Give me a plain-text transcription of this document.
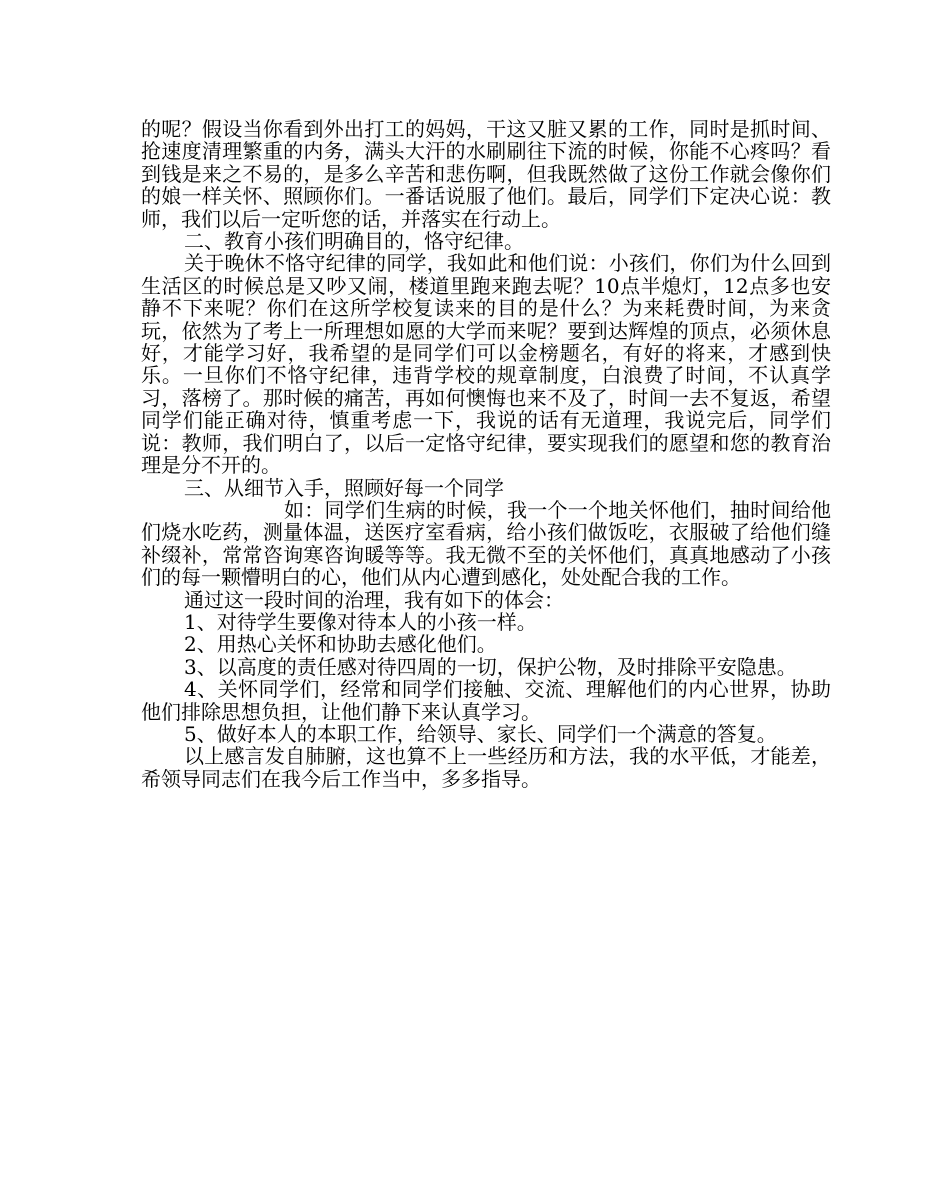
的呢？假设当你看到外出打工的妈妈，干这又脏又累的工作，同时是抓时间、抢速度清理繁重的内务，满头大汗的水刷刷往下流的时候，你能不心疼吗？看到钱是来之不易的，是多么辛苦和悲伤啊，但我既然做了这份工作就会像你们的娘一样关怀、照顾你们。一番话说服了他们。最后，同学们下定决心说：教师，我们以后一定听您的话，并落实在行动上。

二、教育小孩们明确目的，恪守纪律。

关于晚休不恪守纪律的同学，我如此和他们说：小孩们，你们为什么回到生活区的时候总是又吵又闹，楼道里跑来跑去呢？10点半熄灯，12点多也安静不下来呢？你们在这所学校复读来的目的是什么？为来耗费时间，为来贪玩，依然为了考上一所理想如愿的大学而来呢？要到达辉煌的顶点，必须休息好，才能学习好，我希望的是同学们可以金榜题名，有好的将来，才感到快乐。一旦你们不恪守纪律，违背学校的规章制度，白浪费了时间，不认真学习，落榜了。那时候的痛苦，再如何懊悔也来不及了，时间一去不复返，希望同学们能正确对待，慎重考虑一下，我说的话有无道理，我说完后，同学们说：教师，我们明白了，以后一定恪守纪律，要实现我们的愿望和您的教育治理是分不开的。

三、从细节入手，照顾好每一个同学

如：同学们生病的时候，我一个一个地关怀他们，抽时间给他们烧水吃药，测量体温，送医疗室看病，给小孩们做饭吃，衣服破了给他们缝补缀补，常常咨询寒咨询暖等等。我无微不至的关怀他们，真真地感动了小孩们的每一颗懵明白的心，他们从内心遭到感化，处处配合我的工作。

通过这一段时间的治理，我有如下的体会：

1、对待学生要像对待本人的小孩一样。

2、用热心关怀和协助去感化他们。

3、以高度的责任感对待四周的一切，保护公物，及时排除平安隐患。

4、关怀同学们，经常和同学们接触、交流、理解他们的内心世界，协助他们排除思想负担，让他们静下来认真学习。

5、做好本人的本职工作，给领导、家长、同学们一个满意的答复。

以上感言发自肺腑，这也算不上一些经历和方法，我的水平低，才能差，希领导同志们在我今后工作当中，多多指导。
